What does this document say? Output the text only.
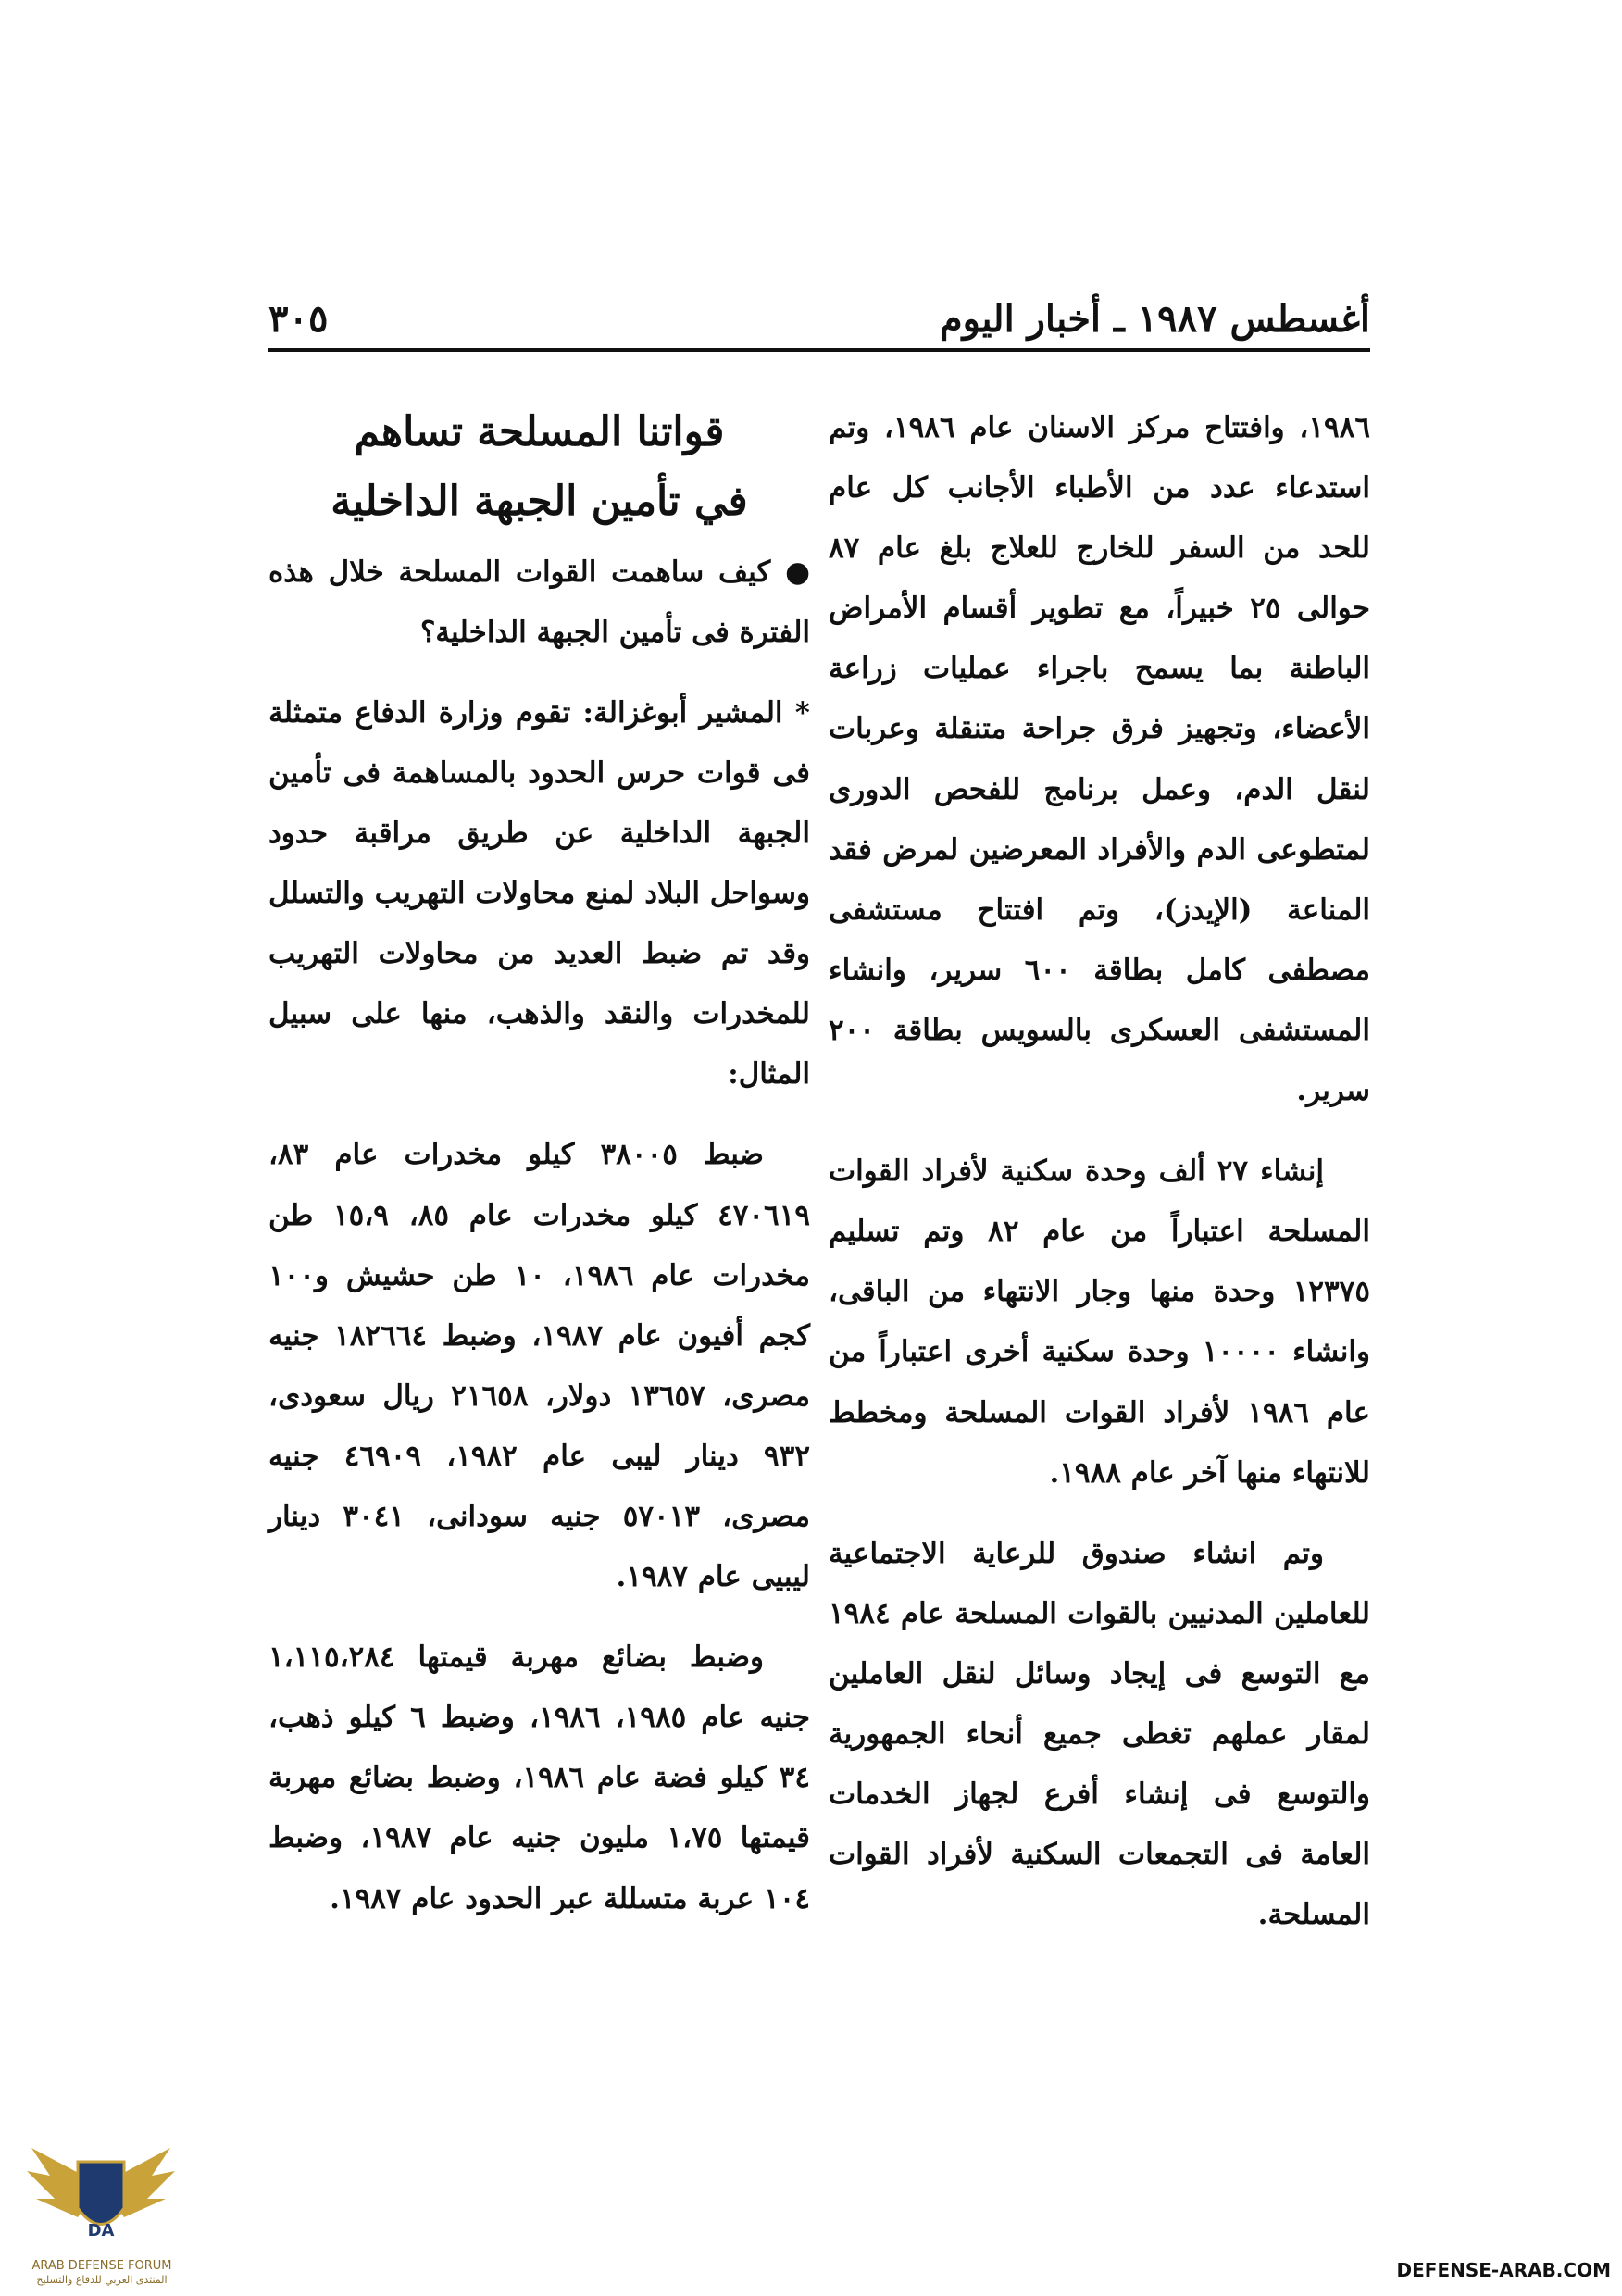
أغسطس ١٩٨٧ ـ أخبار اليوم
٣٠٥

١٩٨٦، وافتتاح مركز الاسنان عام ١٩٨٦، وتم استدعاء عدد من الأطباء الأجانب كل عام للحد من السفر للخارج للعلاج بلغ عام ٨٧ حوالى ٢٥ خبيراً، مع تطوير أقسام الأمراض الباطنة بما يسمح باجراء عمليات زراعة الأعضاء، وتجهيز فرق جراحة متنقلة وعربات لنقل الدم، وعمل برنامج للفحص الدورى لمتطوعى الدم والأفراد المعرضين لمرض فقد المناعة (الإيدز)، وتم افتتاح مستشفى مصطفى كامل بطاقة ٦٠٠ سرير، وانشاء المستشفى العسكرى بالسويس بطاقة ٢٠٠ سرير.

إنشاء ٢٧ ألف وحدة سكنية لأفراد القوات المسلحة اعتباراً من عام ٨٢ وتم تسليم ١٢٣٧٥ وحدة منها وجار الانتهاء من الباقى، وانشاء ١٠٠٠٠ وحدة سكنية أخرى اعتباراً من عام ١٩٨٦ لأفراد القوات المسلحة ومخطط للانتهاء منها آخر عام ١٩٨٨.

وتم انشاء صندوق للرعاية الاجتماعية للعاملين المدنيين بالقوات المسلحة عام ١٩٨٤ مع التوسع فى إيجاد وسائل لنقل العاملين لمقار عملهم تغطى جميع أنحاء الجمهورية والتوسع فى إنشاء أفرع لجهاز الخدمات العامة فى التجمعات السكنية لأفراد القوات المسلحة.

قواتنا المسلحة تساهم
في تأمين الجبهة الداخلية

● كيف ساهمت القوات المسلحة خلال هذه الفترة فى تأمين الجبهة الداخلية؟

* المشير أبوغزالة: تقوم وزارة الدفاع متمثلة فى قوات حرس الحدود بالمساهمة فى تأمين الجبهة الداخلية عن طريق مراقبة حدود وسواحل البلاد لمنع محاولات التهريب والتسلل وقد تم ضبط العديد من محاولات التهريب للمخدرات والنقد والذهب، منها على سبيل المثال:

ضبط ٣٨٠٠٥ كيلو مخدرات عام ٨٣، ٤٧٠٦١٩ كيلو مخدرات عام ٨٥، ١٥،٩ طن مخدرات عام ١٩٨٦، ١٠ طن حشيش و١٠٠ كجم أفيون عام ١٩٨٧، وضبط ١٨٢٦٦٤ جنيه مصرى، ١٣٦٥٧ دولار، ٢١٦٥٨ ريال سعودى، ٩٣٢ دينار ليبى عام ١٩٨٢، ٤٦٩٠٩ جنيه مصرى، ٥٧٠١٣ جنيه سودانى، ٣٠٤١ دينار ليبيى عام ١٩٨٧.

وضبط بضائع مهربة قيمتها ١،١١٥،٢٨٤ جنيه عام ١٩٨٥، ١٩٨٦، وضبط ٦ كيلو ذهب، ٣٤ كيلو فضة عام ١٩٨٦، وضبط بضائع مهربة قيمتها ١،٧٥ مليون جنيه عام ١٩٨٧، وضبط ١٠٤ عربة متسللة عبر الحدود عام ١٩٨٧.

DA
ARAB DEFENSE FORUM
المنتدى العربي للدفاع والتسليح	DEFENSE-ARAB.COM
